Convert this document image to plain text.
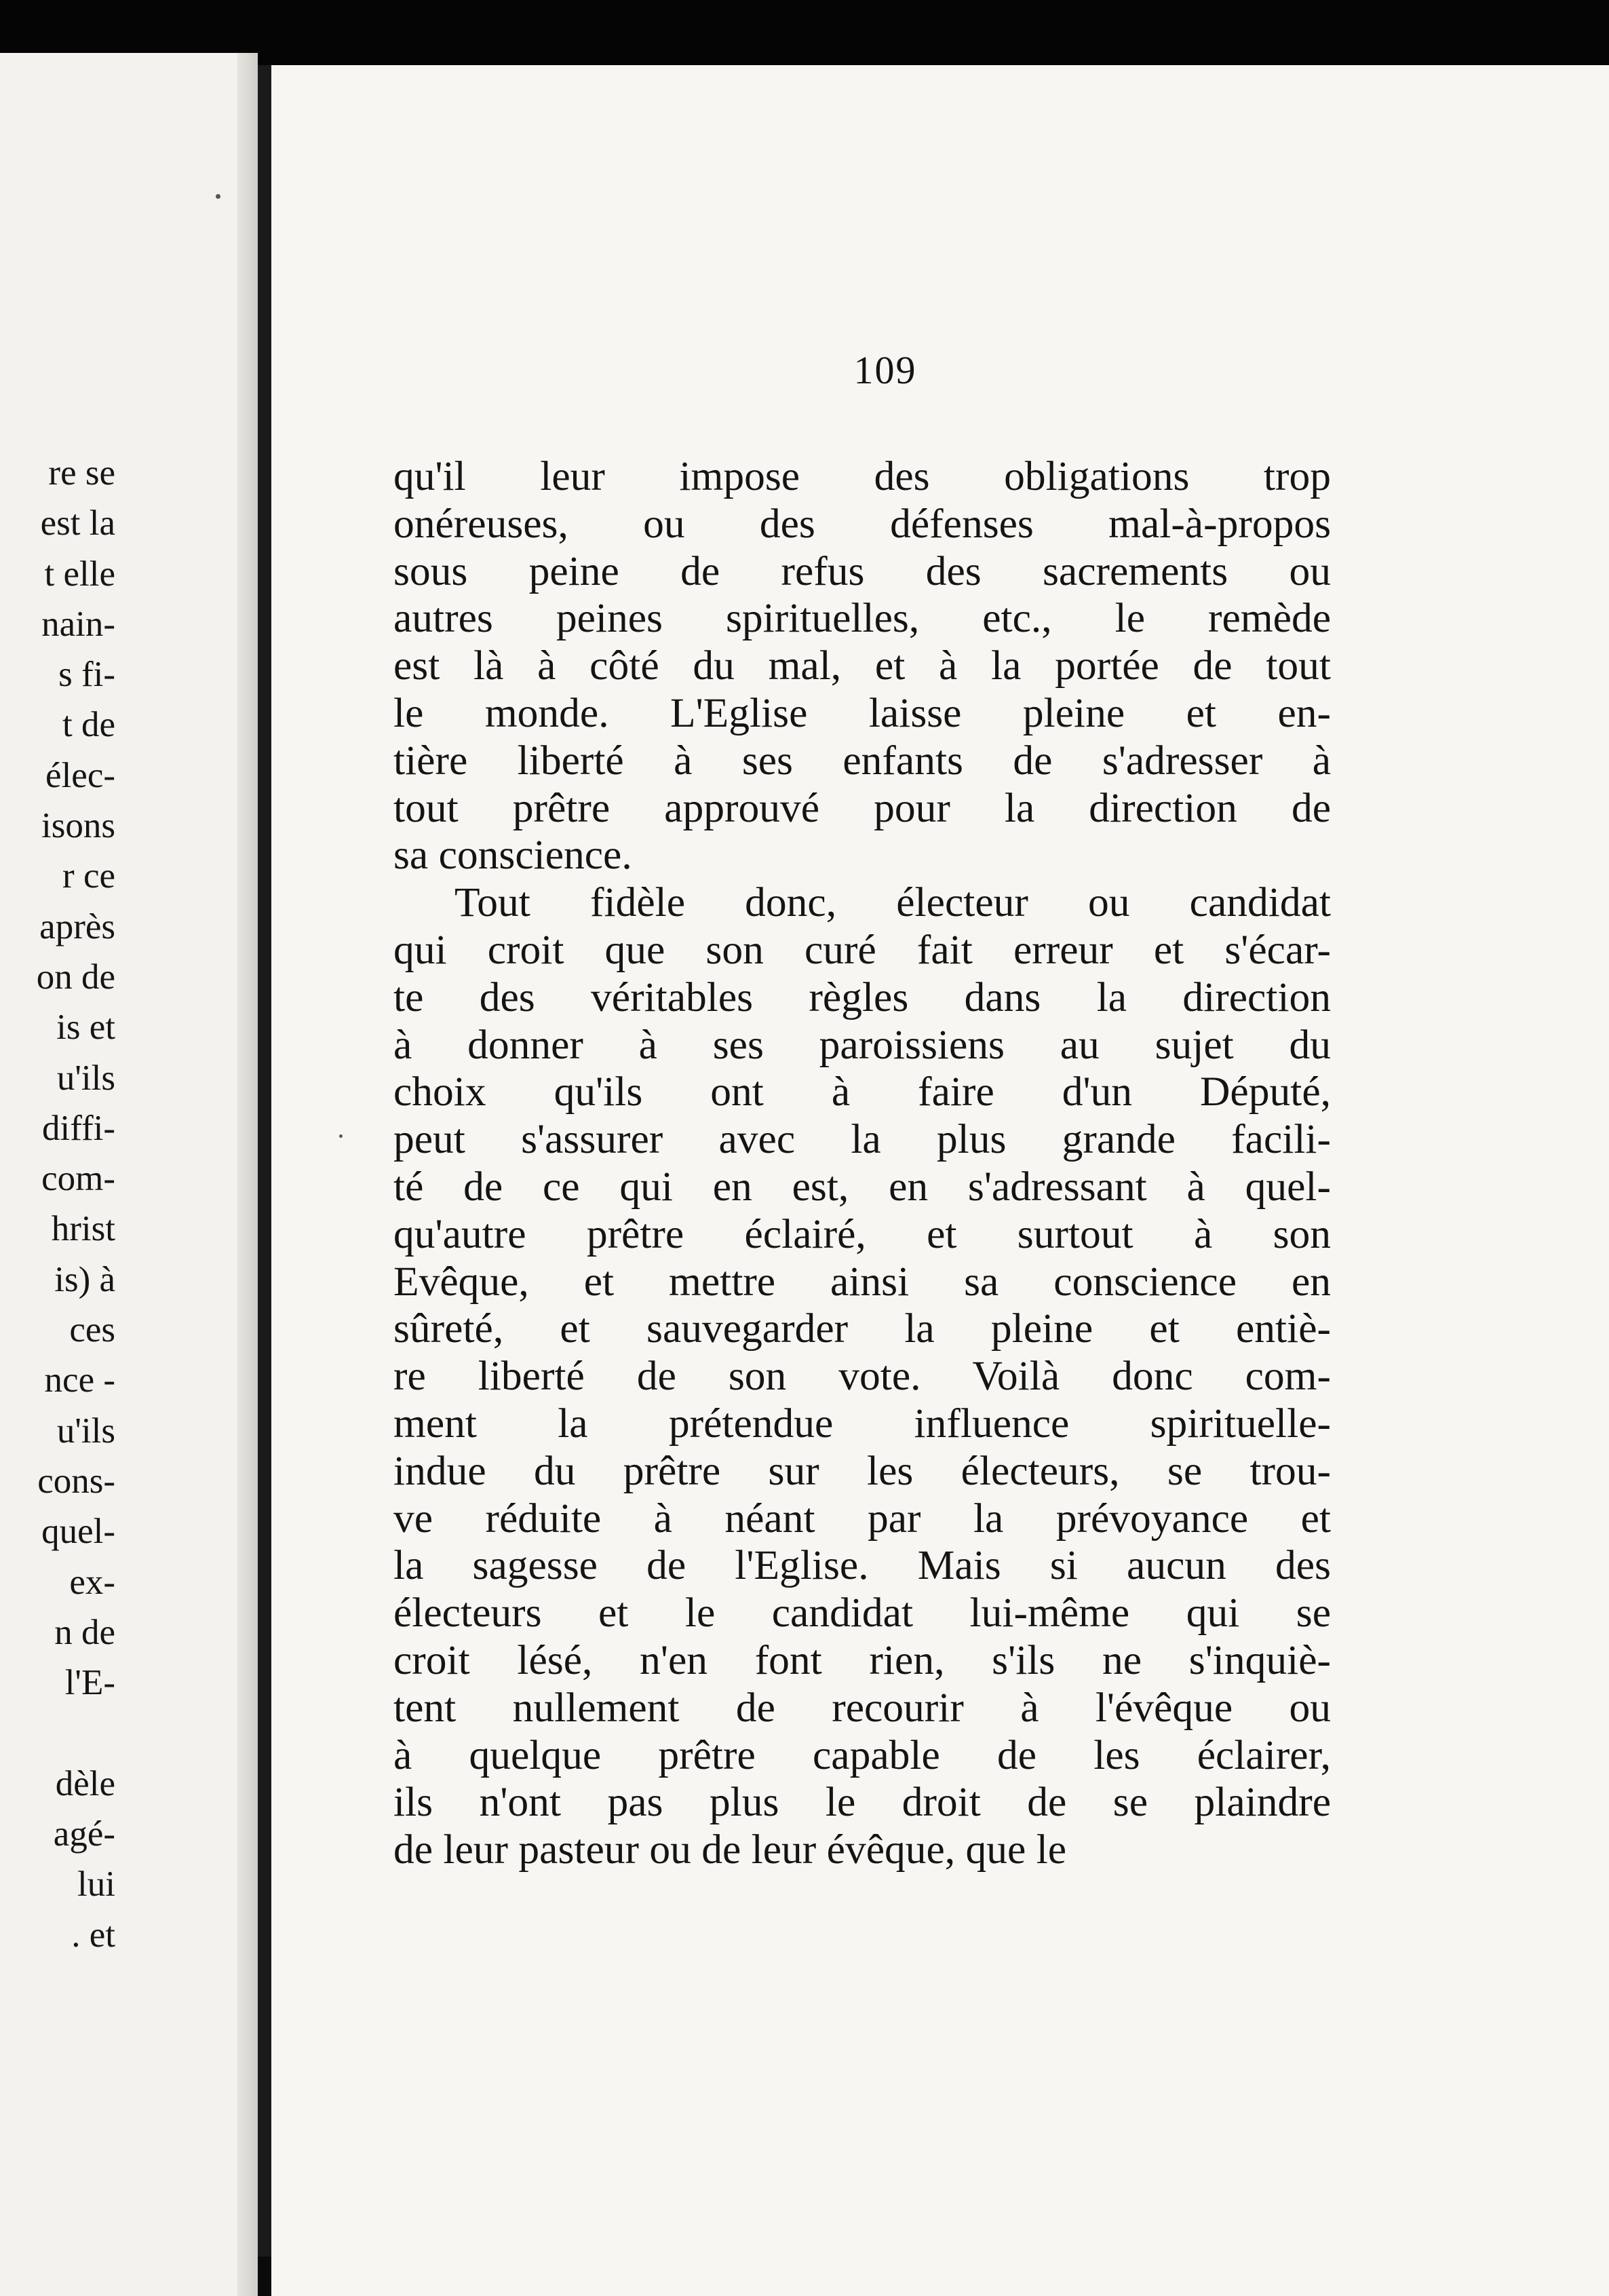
re se
est la
t elle
nain-
s fi-
t de
élec-
isons
r ce
après
on de
is et
u'ils
diffi-
com-
hrist
is) à
ces
nce -
u'ils
cons-
quel-
ex-
n de
l'E-
dèle
agé-
lui
. et
109
qu'il leur impose des obligations trop
onéreuses, ou des défenses mal-à-propos
sous peine de refus des sacrements ou
autres peines spirituelles, etc., le remède
est là à côté du mal, et à la portée de tout
le monde. L'Eglise laisse pleine et en-
tière liberté à ses enfants de s'adresser à
tout prêtre approuvé pour la direction de
sa conscience.
Tout fidèle donc, électeur ou candidat
qui croit que son curé fait erreur et s'écar-
te des véritables règles dans la direction
à donner à ses paroissiens au sujet du
choix qu'ils ont à faire d'un Député,
peut s'assurer avec la plus grande facili-
té de ce qui en est, en s'adressant à quel-
qu'autre prêtre éclairé, et surtout à son
Evêque, et mettre ainsi sa conscience en
sûreté, et sauvegarder la pleine et entiè-
re liberté de son vote. Voilà donc com-
ment la prétendue influence spirituelle-
indue du prêtre sur les électeurs, se trou-
ve réduite à néant par la prévoyance et
la sagesse de l'Eglise. Mais si aucun des
électeurs et le candidat lui-même qui se
croit lésé, n'en font rien, s'ils ne s'inquiè-
tent nullement de recourir à l'évêque ou
à quelque prêtre capable de les éclairer,
ils n'ont pas plus le droit de se plaindre
de leur pasteur ou de leur évêque, que le
